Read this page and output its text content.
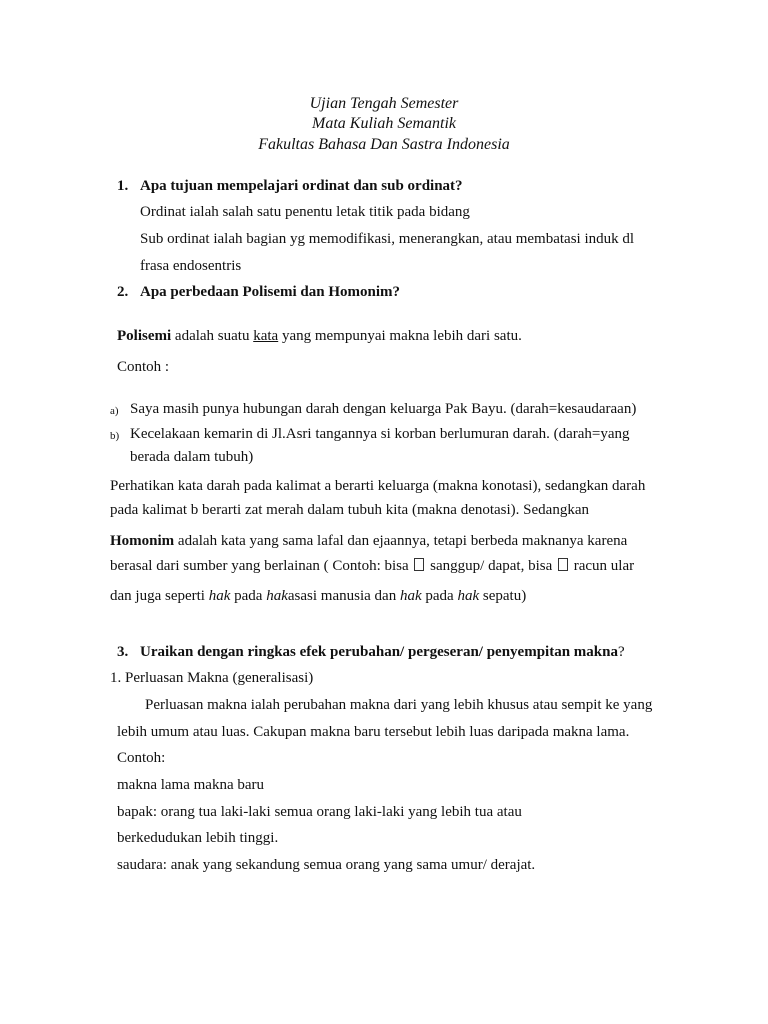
Ujian Tengah Semester
Mata Kuliah Semantik
Fakultas Bahasa Dan Sastra Indonesia
1. Apa tujuan mempelajari ordinat dan sub ordinat?
Ordinat ialah salah satu penentu letak titik pada bidang
Sub ordinat ialah bagian yg memodifikasi, menerangkan, atau membatasi induk dl
frasa endosentris
2. Apa perbedaan Polisemi dan Homonim?
Polisemi adalah suatu kata yang mempunyai makna lebih dari satu.
Contoh :
a) Saya masih punya hubungan darah dengan keluarga Pak Bayu. (darah=kesaudaraan)
b) Kecelakaan kemarin di Jl.Asri tangannya si korban berlumuran darah. (darah=yang
berada dalam tubuh)
Perhatikan kata darah pada kalimat a berarti keluarga (makna konotasi), sedangkan darah
pada kalimat b berarti zat merah dalam tubuh kita (makna denotasi). Sedangkan
Homonim adalah kata yang sama lafal dan ejaannya, tetapi berbeda maknanya karena
berasal dari sumber yang berlainan ( Contoh: bisa sanggup/ dapat, bisa racun ular
dan juga seperti hak pada hakasasi manusia dan hak pada hak sepatu)
3. Uraikan dengan ringkas efek perubahan/ pergeseran/ penyempitan makna?
1. Perluasan Makna (generalisasi)
Perluasan makna ialah perubahan makna dari yang lebih khusus atau sempit ke yang
lebih umum atau luas. Cakupan makna baru tersebut lebih luas daripada makna lama.
Contoh:
makna lama makna baru
bapak: orang tua laki-laki semua orang laki-laki yang lebih tua atau
berkedudukan lebih tinggi.
saudara: anak yang sekandung semua orang yang sama umur/ derajat.
